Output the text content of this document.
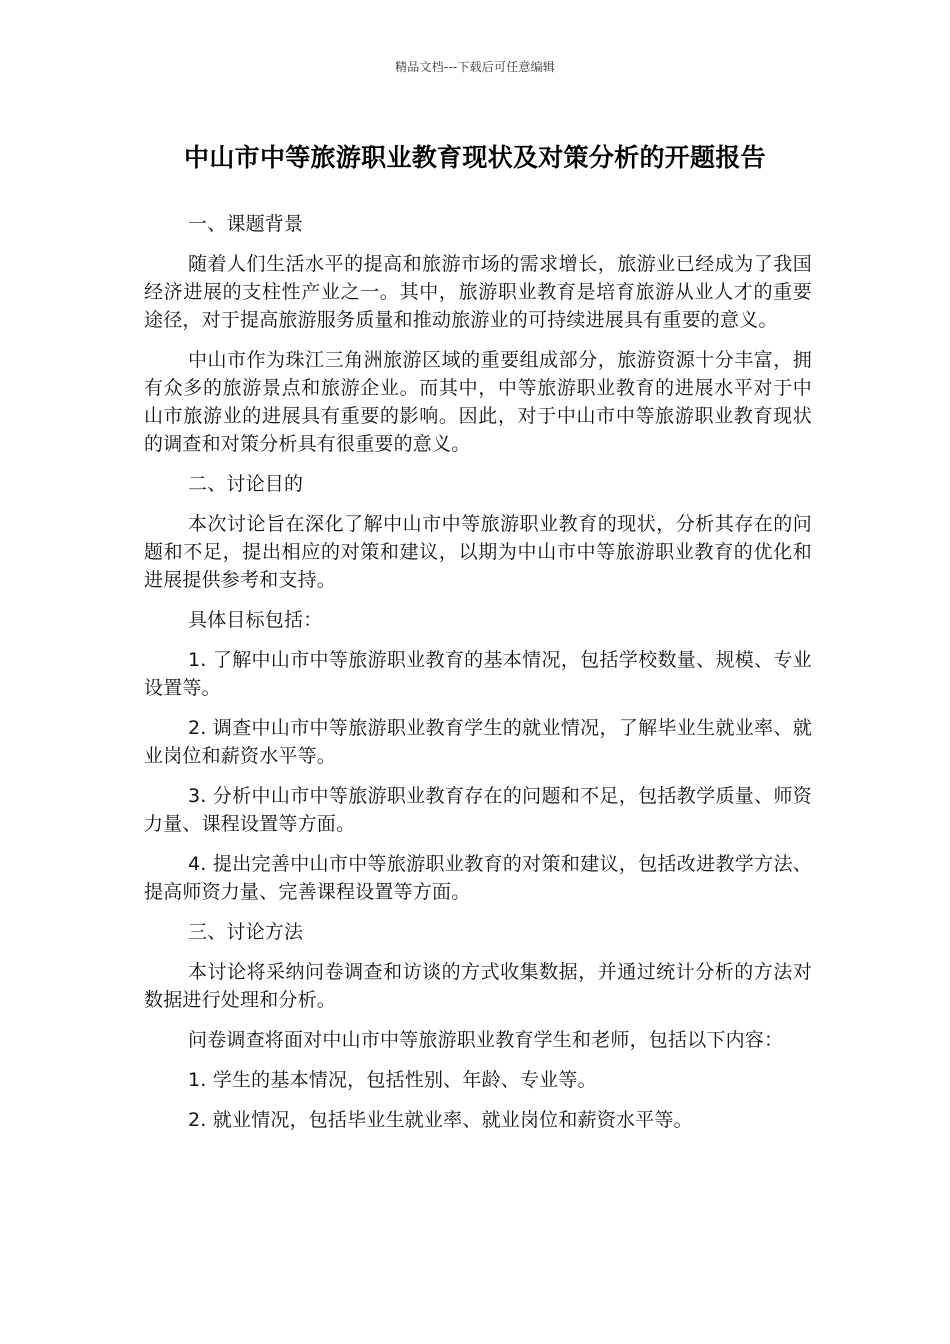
精品文档---下载后可任意编辑
中山市中等旅游职业教育现状及对策分析的开题报告

一、课题背景

随着人们生活水平的提高和旅游市场的需求增长，旅游业已经成为了我国经济进展的支柱性产业之一。其中，旅游职业教育是培育旅游从业人才的重要途径，对于提高旅游服务质量和推动旅游业的可持续进展具有重要的意义。

中山市作为珠江三角洲旅游区域的重要组成部分，旅游资源十分丰富，拥有众多的旅游景点和旅游企业。而其中，中等旅游职业教育的进展水平对于中山市旅游业的进展具有重要的影响。因此，对于中山市中等旅游职业教育现状的调查和对策分析具有很重要的意义。

二、讨论目的

本次讨论旨在深化了解中山市中等旅游职业教育的现状，分析其存在的问题和不足，提出相应的对策和建议，以期为中山市中等旅游职业教育的优化和进展提供参考和支持。

具体目标包括：

1. 了解中山市中等旅游职业教育的基本情况，包括学校数量、规模、专业设置等。

2. 调查中山市中等旅游职业教育学生的就业情况，了解毕业生就业率、就业岗位和薪资水平等。

3. 分析中山市中等旅游职业教育存在的问题和不足，包括教学质量、师资力量、课程设置等方面。

4. 提出完善中山市中等旅游职业教育的对策和建议，包括改进教学方法、提高师资力量、完善课程设置等方面。

三、讨论方法

本讨论将采纳问卷调查和访谈的方式收集数据，并通过统计分析的方法对数据进行处理和分析。

问卷调查将面对中山市中等旅游职业教育学生和老师，包括以下内容：

1. 学生的基本情况，包括性别、年龄、专业等。

2. 就业情况，包括毕业生就业率、就业岗位和薪资水平等。
